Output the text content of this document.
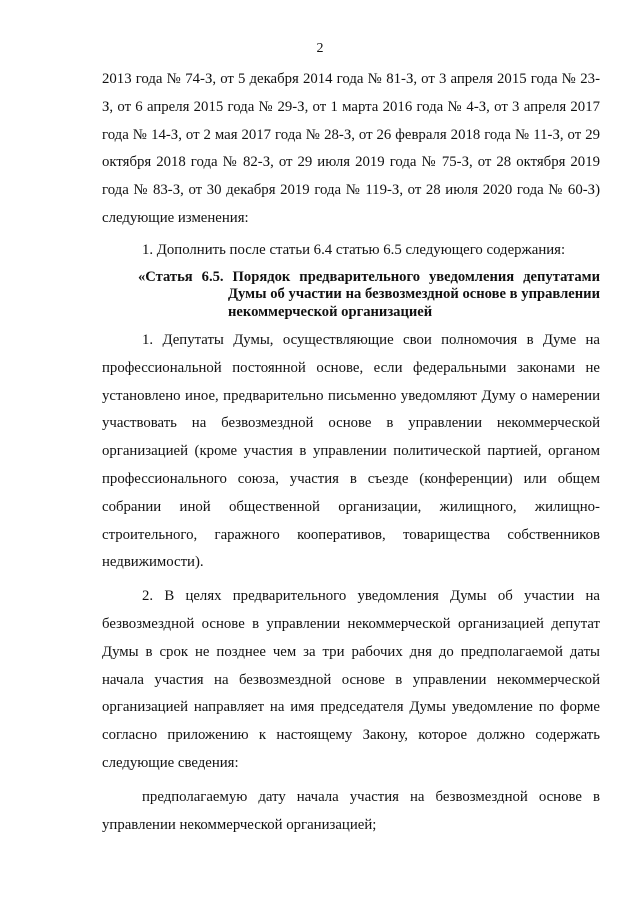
2

2013 года № 74-З, от 5 декабря 2014 года № 81-З, от 3 апреля 2015 года № 23-З, от 6 апреля 2015 года № 29-З, от 1 марта 2016 года № 4-З, от 3 апреля 2017 года № 14-З, от 2 мая 2017 года № 28-З, от 26 февраля 2018 года № 11-З, от 29 октября 2018 года № 82-З, от 29 июля 2019 года № 75-З, от 28 октября 2019 года № 83-З, от 30 декабря 2019 года № 119-З, от 28 июля 2020 года № 60-З) следующие изменения:

1. Дополнить после статьи 6.4 статью 6.5 следующего содержания:

«Статья 6.5. Порядок предварительного уведомления депутатами Думы об участии на безвозмездной основе в управлении некоммерческой организацией

1. Депутаты Думы, осуществляющие свои полномочия в Думе на профессиональной постоянной основе, если федеральными законами не установлено иное, предварительно письменно уведомляют Думу о намерении участвовать на безвозмездной основе в управлении некоммерческой организацией (кроме участия в управлении политической партией, органом профессионального союза, участия в съезде (конференции) или общем собрании иной общественной организации, жилищного, жилищно-строительного, гаражного кооперативов, товарищества собственников недвижимости).

2. В целях предварительного уведомления Думы об участии на безвозмездной основе в управлении некоммерческой организацией депутат Думы в срок не позднее чем за три рабочих дня до предполагаемой даты начала участия на безвозмездной основе в управлении некоммерческой организацией направляет на имя председателя Думы уведомление по форме согласно приложению к настоящему Закону, которое должно содержать следующие сведения:

предполагаемую дату начала участия на безвозмездной основе в управлении некоммерческой организацией;
